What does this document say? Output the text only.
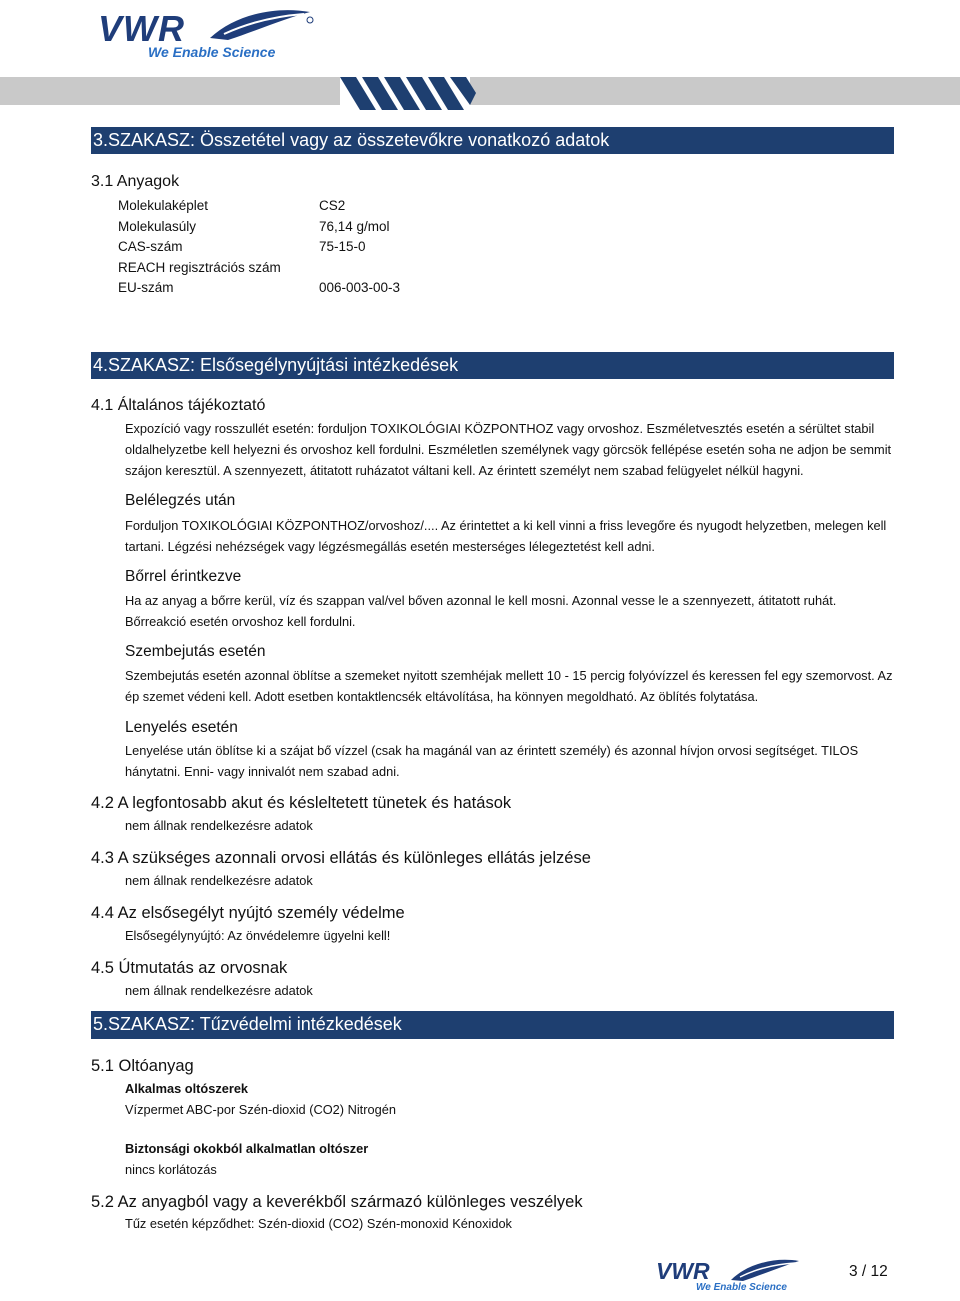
VWR
We Enable Science
3.SZAKASZ: Összetétel vagy az összetevőkre vonatkozó adatok
3.1 Anyagok
Molekulaképlet	CS2
Molekulasúly	76,14 g/mol
CAS-szám	75-15-0
REACH regisztrációs szám
EU-szám	006-003-00-3
4.SZAKASZ: Elsősegélynyújtási intézkedések
4.1 Általános tájékoztató
Expozíció vagy rosszullét esetén: forduljon TOXIKOLÓGIAI KÖZPONTHOZ vagy orvoshoz. Eszméletvesztés esetén a sérültet stabil oldalhelyzetbe kell helyezni és orvoshoz kell fordulni. Eszméletlen személynek vagy görcsök fellépése esetén soha ne adjon be semmit szájon keresztül. A szennyezett, átitatott ruházatot váltani kell. Az érintett személyt nem szabad felügyelet nélkül hagyni.
Belélegzés után
Forduljon TOXIKOLÓGIAI KÖZPONTHOZ/orvoshoz/.... Az érintettet a ki kell vinni a friss levegőre és nyugodt helyzetben, melegen kell tartani. Légzési nehézségek vagy légzésmegállás esetén mesterséges lélegeztetést kell adni.
Bőrrel érintkezve
Ha az anyag a bőrre kerül, víz és szappan val/vel bőven azonnal le kell mosni. Azonnal vesse le a szennyezett, átitatott ruhát. Bőrreakció esetén orvoshoz kell fordulni.
Szembejutás esetén
Szembejutás esetén azonnal öblítse a szemeket nyitott szemhéjak mellett 10 - 15 percig folyóvízzel és keressen fel egy szemorvost. Az ép szemet védeni kell. Adott esetben kontaktlencsék eltávolítása, ha könnyen megoldható. Az öblítés folytatása.
Lenyelés esetén
Lenyelése után öblítse ki a szájat bő vízzel (csak ha magánál van az érintett személy) és azonnal hívjon orvosi segítséget. TILOS hánytatni. Enni- vagy innivalót nem szabad adni.
4.2 A legfontosabb akut és késleltetett tünetek és hatások
nem állnak rendelkezésre adatok
4.3 A szükséges azonnali orvosi ellátás és különleges ellátás jelzése
nem állnak rendelkezésre adatok
4.4 Az elsősegélyt nyújtó személy védelme
Elsősegélynyújtó: Az önvédelemre ügyelni kell!
4.5 Útmutatás az orvosnak
nem állnak rendelkezésre adatok
5.SZAKASZ: Tűzvédelmi intézkedések
5.1 Oltóanyag
Alkalmas oltószerek
Vízpermet ABC-por Szén-dioxid (CO2) Nitrogén
Biztonsági okokból alkalmatlan oltószer
nincs korlátozás
5.2 Az anyagból vagy a keverékből származó különleges veszélyek
Tűz esetén képződhet: Szén-dioxid (CO2) Szén-monoxid Kénoxidok
VWR
We Enable Science
3 / 12
